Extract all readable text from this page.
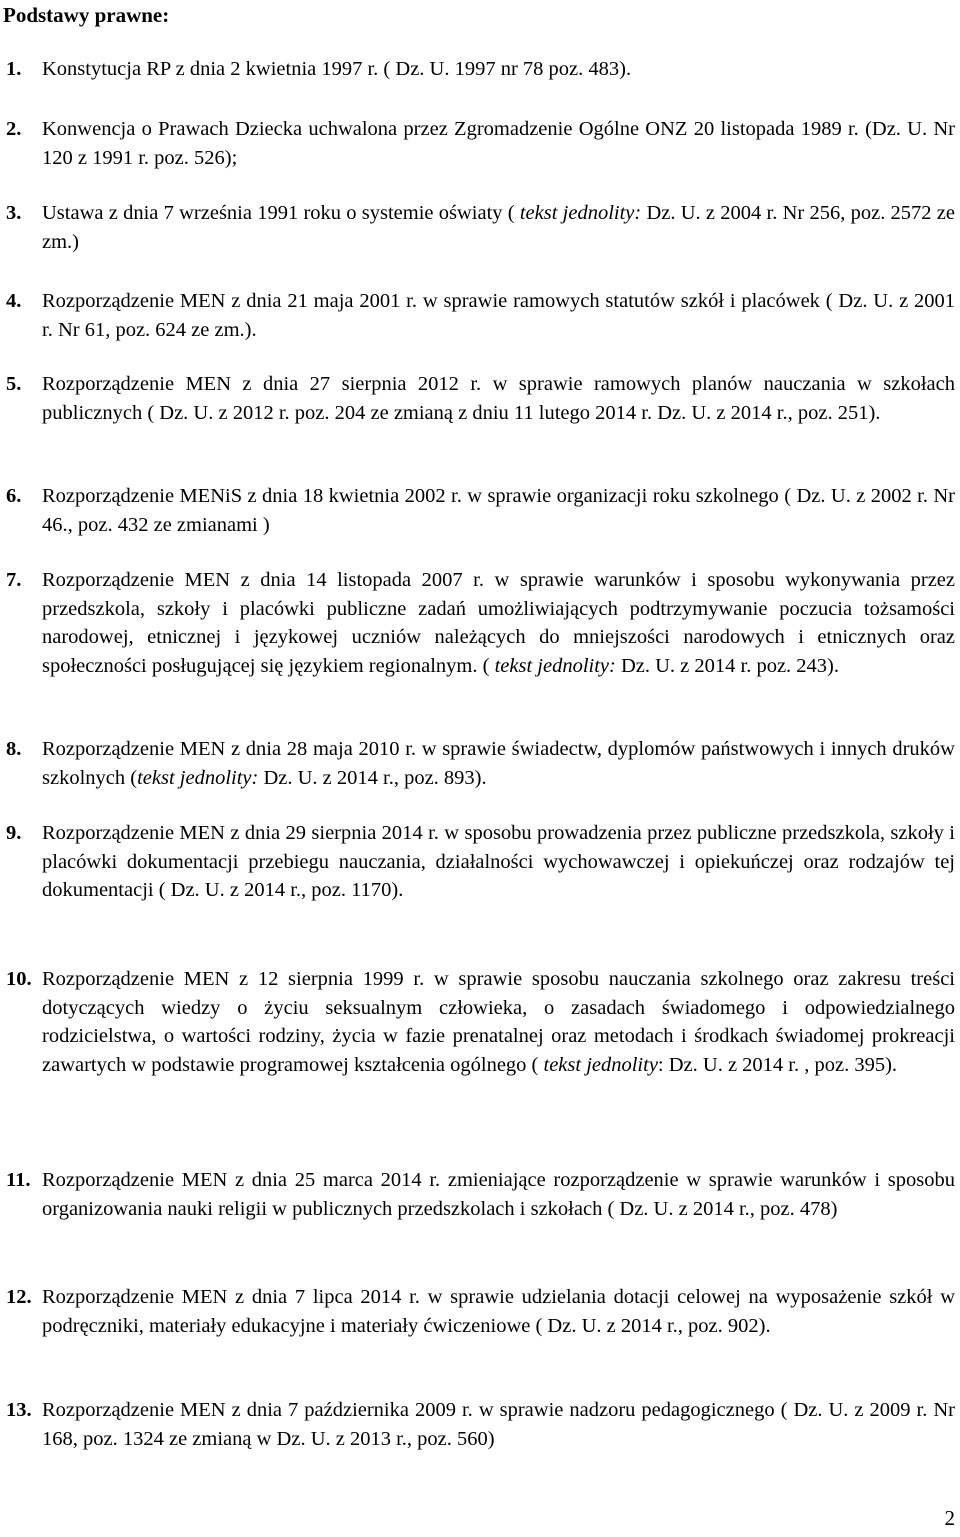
Podstawy prawne:
1. Konstytucja RP z dnia 2 kwietnia 1997 r. ( Dz. U. 1997 nr 78 poz. 483).
2. Konwencja o Prawach Dziecka uchwalona przez Zgromadzenie Ogólne ONZ 20 listopada 1989 r. (Dz. U. Nr 120 z 1991 r. poz. 526);
3. Ustawa z dnia 7 września 1991 roku o systemie oświaty ( tekst jednolity: Dz. U. z 2004 r. Nr 256, poz. 2572 ze zm.)
4. Rozporządzenie MEN z dnia 21 maja 2001 r. w sprawie ramowych statutów szkół i placówek ( Dz. U. z 2001 r. Nr 61, poz. 624 ze zm.).
5. Rozporządzenie MEN z dnia 27 sierpnia 2012 r. w sprawie ramowych planów nauczania w szkołach publicznych ( Dz. U. z 2012 r. poz. 204 ze zmianą z dniu 11 lutego 2014 r. Dz. U. z 2014 r., poz. 251).
6. Rozporządzenie MENiS z dnia 18 kwietnia 2002 r. w sprawie organizacji roku szkolnego ( Dz. U. z 2002 r. Nr 46., poz. 432 ze zmianami )
7. Rozporządzenie MEN z dnia 14 listopada 2007 r. w sprawie warunków i sposobu wykonywania przez przedszkola, szkoły i placówki publiczne zadań umożliwiających podtrzymywanie poczucia tożsamości narodowej, etnicznej i językowej uczniów należących do mniejszości narodowych i etnicznych oraz społeczności posługującej się językiem regionalnym. ( tekst jednolity: Dz. U. z 2014 r. poz. 243).
8. Rozporządzenie MEN z dnia 28 maja 2010 r. w sprawie świadectw, dyplomów państwowych i innych druków szkolnych (tekst jednolity: Dz. U. z 2014 r., poz. 893).
9. Rozporządzenie MEN z dnia 29 sierpnia 2014 r. w sposobu prowadzenia przez publiczne przedszkola, szkoły i placówki dokumentacji przebiegu nauczania, działalności wychowawczej i opiekuńczej oraz rodzajów tej dokumentacji ( Dz. U. z 2014 r., poz. 1170).
10. Rozporządzenie MEN z 12 sierpnia 1999 r. w sprawie sposobu nauczania szkolnego oraz zakresu treści dotyczących wiedzy o życiu seksualnym człowieka, o zasadach świadomego i odpowiedzialnego rodzicielstwa, o wartości rodziny, życia w fazie prenatalnej oraz metodach i środkach świadomej prokreacji zawartych w podstawie programowej kształcenia ogólnego ( tekst jednolity: Dz. U. z 2014 r. , poz. 395).
11. Rozporządzenie MEN z dnia 25 marca 2014 r. zmieniające rozporządzenie w sprawie warunków i sposobu organizowania nauki religii w publicznych przedszkolach i szkołach ( Dz. U. z 2014 r., poz. 478)
12. Rozporządzenie MEN z dnia 7 lipca 2014 r. w sprawie udzielania dotacji celowej na wyposażenie szkół w podręczniki, materiały edukacyjne i materiały ćwiczeniowe ( Dz. U. z 2014 r., poz. 902).
13. Rozporządzenie MEN z dnia 7 października 2009 r. w sprawie nadzoru pedagogicznego ( Dz. U. z 2009 r. Nr 168, poz. 1324 ze zmianą w Dz. U. z 2013 r., poz. 560)
2
